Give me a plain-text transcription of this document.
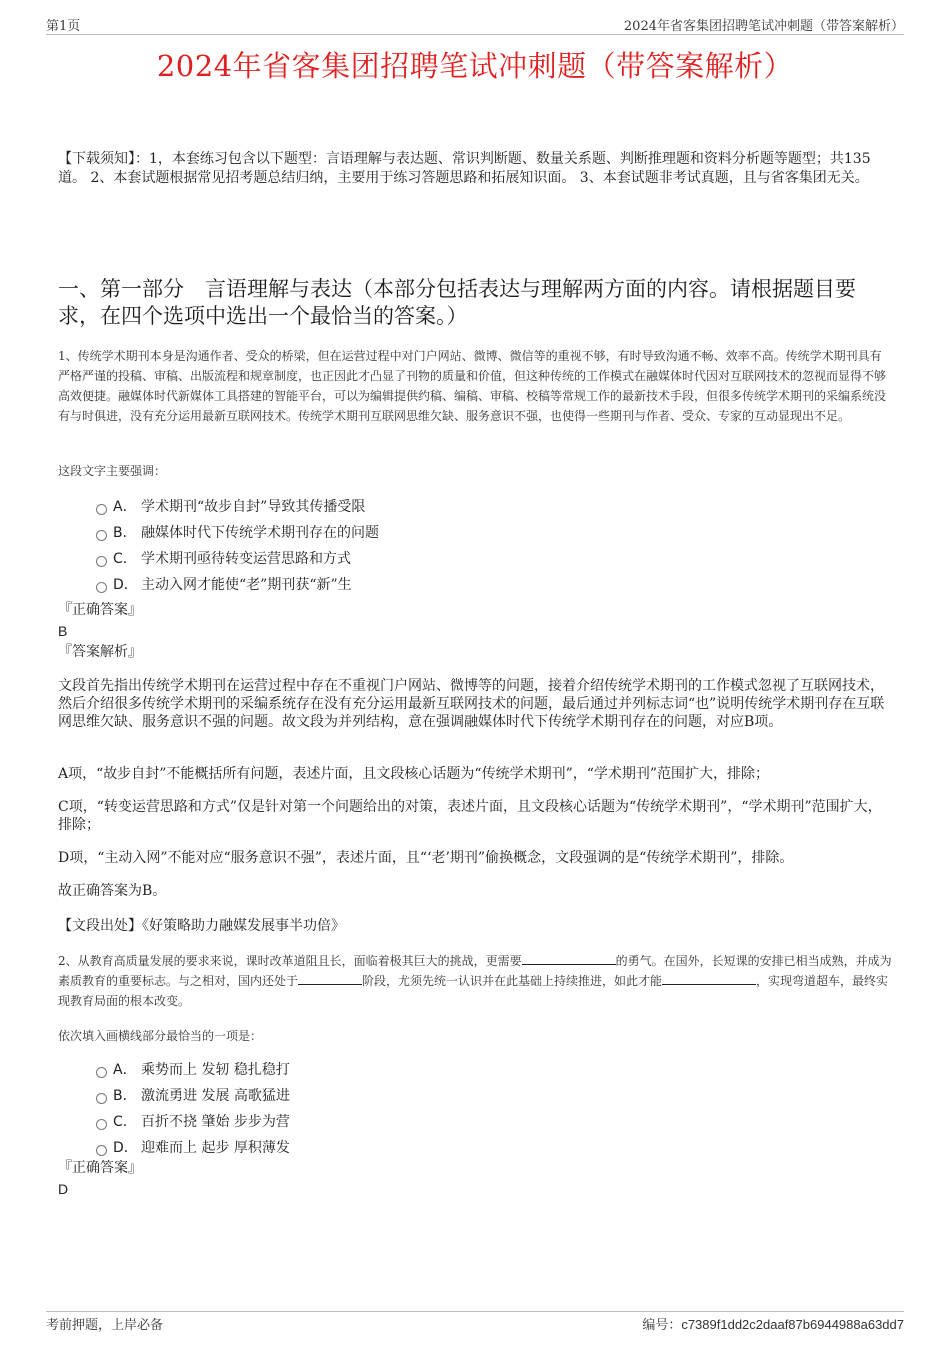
第1页	2024年省客集团招聘笔试冲刺题（带答案解析）
2024年省客集团招聘笔试冲刺题（带答案解析）
【下载须知】：1，本套练习包含以下题型：言语理解与表达题、常识判断题、数量关系题、判断推理题和资料分析题等题型；共135道。 2、本套试题根据常见招考题总结归纳，主要用于练习答题思路和拓展知识面。 3、本套试题非考试真题，且与省客集团无关。
一、第一部分　言语理解与表达（本部分包括表达与理解两方面的内容。请根据题目要求，在四个选项中选出一个最恰当的答案。）
1、传统学术期刊本身是沟通作者、受众的桥梁，但在运营过程中对门户网站、微博、微信等的重视不够，有时导致沟通不畅、效率不高。传统学术期刊具有严格严谨的投稿、审稿、出版流程和规章制度，也正因此才凸显了刊物的质量和价值，但这种传统的工作模式在融媒体时代因对互联网技术的忽视而显得不够高效便捷。融媒体时代新媒体工具搭建的智能平台，可以为编辑提供约稿、编稿、审稿、校稿等常规工作的最新技术手段，但很多传统学术期刊的采编系统没有与时俱进，没有充分运用最新互联网技术。传统学术期刊互联网思维欠缺、服务意识不强，也使得一些期刊与作者、受众、专家的互动显现出不足。
这段文字主要强调：
A． 学术期刊“故步自封”导致其传播受限
B． 融媒体时代下传统学术期刊存在的问题
C． 学术期刊亟待转变运营思路和方式
D． 主动入网才能使“老”期刊获“新”生
『正确答案』
B
『答案解析』
文段首先指出传统学术期刊在运营过程中存在不重视门户网站、微博等的问题，接着介绍传统学术期刊的工作模式忽视了互联网技术，然后介绍很多传统学术期刊的采编系统存在没有充分运用最新互联网技术的问题，最后通过并列标志词“也”说明传统学术期刊存在互联网思维欠缺、服务意识不强的问题。故文段为并列结构，意在强调融媒体时代下传统学术期刊存在的问题，对应B项。
A项，“故步自封”不能概括所有问题，表述片面，且文段核心话题为“传统学术期刊”，“学术期刊”范围扩大，排除；
C项，“转变运营思路和方式”仅是针对第一个问题给出的对策，表述片面，且文段核心话题为“传统学术期刊”，“学术期刊”范围扩大，排除；
D项，“主动入网”不能对应“服务意识不强”，表述片面，且“‘老’期刊”偷换概念，文段强调的是“传统学术期刊”，排除。
故正确答案为B。
【文段出处】《好策略助力融媒发展事半功倍》
2、从教育高质量发展的要求来说，课时改革道阻且长，面临着极其巨大的挑战，更需要	的勇气。在国外，长短课的安排已相当成熟，并成为素质教育的重要标志。与之相对，国内还处于	阶段，尤须先统一认识并在此基础上持续推进，如此才能	，实现弯道超车，最终实现教育局面的根本改变。
依次填入画横线部分最恰当的一项是：
A． 乘势而上 发轫 稳扎稳打
B． 激流勇进 发展 高歌猛进
C． 百折不挠 肇始 步步为营
D． 迎难而上 起步 厚积薄发
『正确答案』
D
考前押题，上岸必备	编号：c7389f1dd2c2daaf87b6944988a63dd7
